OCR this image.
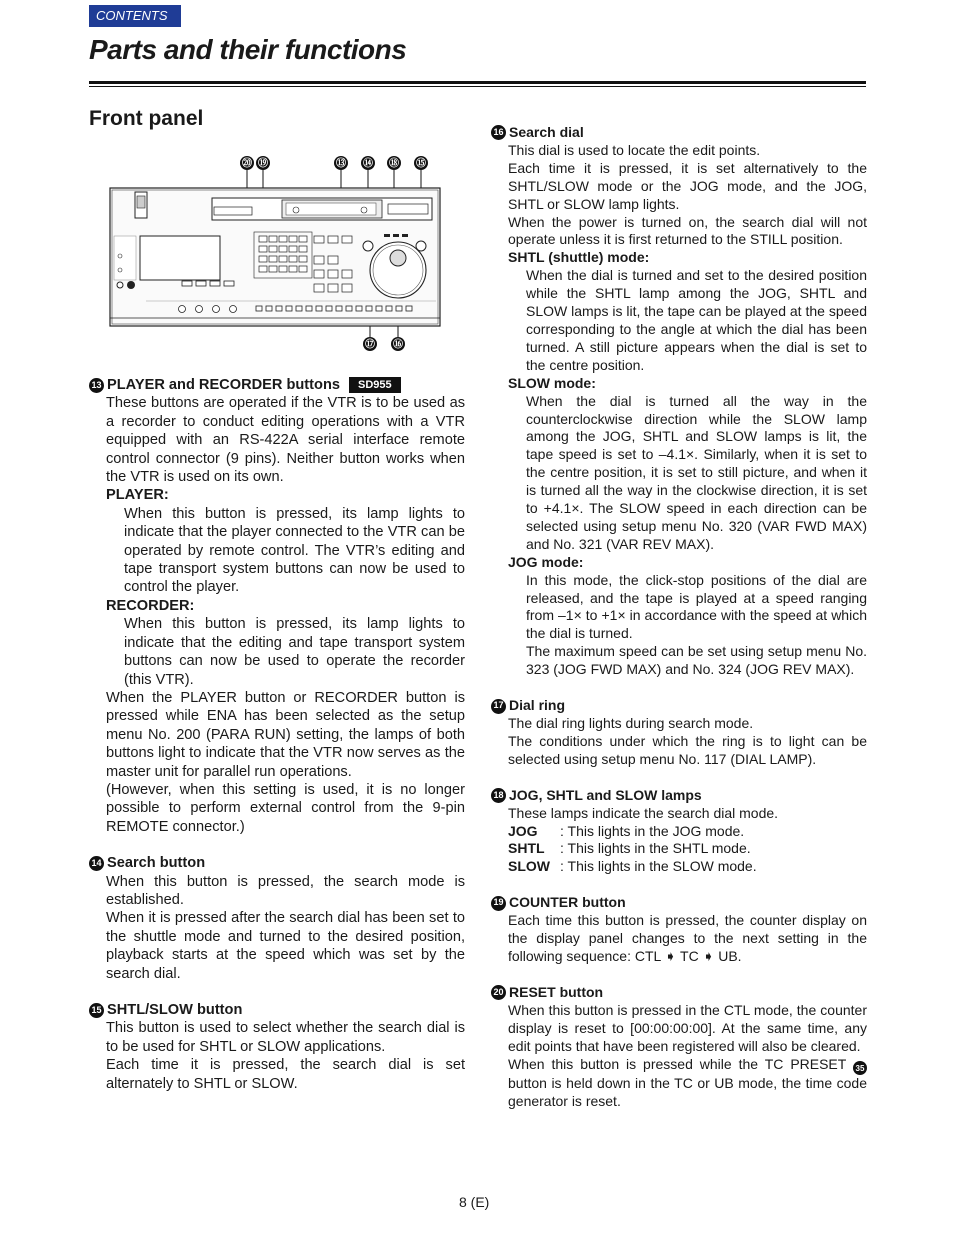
CONTENTS
Parts and their functions
Front panel
⑳ ⑲	⑬ ⑭ ⑱ ⑮
⑰ ⑯
13 PLAYER and RECORDER buttons	SD955
These buttons are operated if the VTR is to be used as a recorder to conduct editing operations with a VTR equipped with an RS-422A serial interface remote control connector (9 pins). Neither button works when the VTR is used on its own.
PLAYER:
When this button is pressed, its lamp lights to indicate that the player connected to the VTR can be operated by remote control. The VTR’s editing and tape transport system buttons can now be used to control the player.
RECORDER:
When this button is pressed, its lamp lights to indicate that the editing and tape transport system buttons can now be used to operate the recorder (this VTR).
When the PLAYER button or RECORDER button is pressed while ENA has been selected as the setup menu No. 200 (PARA RUN) setting, the lamps of both buttons light to indicate that the VTR now serves as the master unit for parallel run operations.
(However, when this setting is used, it is no longer possible to perform external control from the 9-pin REMOTE connector.)
14 Search button
When this button is pressed, the search mode is established.
When it is pressed after the search dial has been set to the shuttle mode and turned to the desired position, playback starts at the speed which was set by the search dial.
15 SHTL/SLOW button
This button is used to select whether the search dial is to be used for SHTL or SLOW applications.
Each time it is pressed, the search dial is set alternately to SHTL or SLOW.
16 Search dial
This dial is used to locate the edit points.
Each time it is pressed, it is set alternatively to the SHTL/SLOW mode or the JOG mode, and the JOG, SHTL or SLOW lamp lights.
When the power is turned on, the search dial will not operate unless it is first returned to the STILL position.
SHTL (shuttle) mode:
When the dial is turned and set to the desired position while the SHTL lamp among the JOG, SHTL and SLOW lamps is lit, the tape can be played at the speed corresponding to the angle at which the dial has been turned. A still picture appears when the dial is set to the centre position.
SLOW mode:
When the dial is turned all the way in the counterclockwise direction while the SLOW lamp among the JOG, SHTL and SLOW lamps is lit, the tape speed is set to –4.1×. Similarly, when it is set to the centre position, it is set to still picture, and when it is turned all the way in the clockwise direction, it is set to +4.1×. The SLOW speed in each direction can be selected using setup menu No. 320 (VAR FWD MAX) and No. 321 (VAR REV MAX).
JOG mode:
In this mode, the click-stop positions of the dial are released, and the tape is played at a speed ranging from –1× to +1× in accordance with the speed at which the dial is turned.
The maximum speed can be set using setup menu No. 323 (JOG FWD MAX) and No. 324 (JOG REV MAX).
17 Dial ring
The dial ring lights during search mode.
The conditions under which the ring is to light can be selected using setup menu No. 117 (DIAL LAMP).
18 JOG, SHTL and SLOW lamps
These lamps indicate the search dial mode.
JOG	: This lights in the JOG mode.
SHTL	: This lights in the SHTL mode.
SLOW : This lights in the SLOW mode.
19 COUNTER button
Each time this button is pressed, the counter display on the display panel changes to the next setting in the following sequence: CTL ➧ TC ➧ UB.
20 RESET button
When this button is pressed in the CTL mode, the counter display is reset to [00:00:00:00]. At the same time, any edit points that have been registered will also be cleared.
When this button is pressed while the TC PRESET 35 button is held down in the TC or UB mode, the time code generator is reset.
8 (E)
